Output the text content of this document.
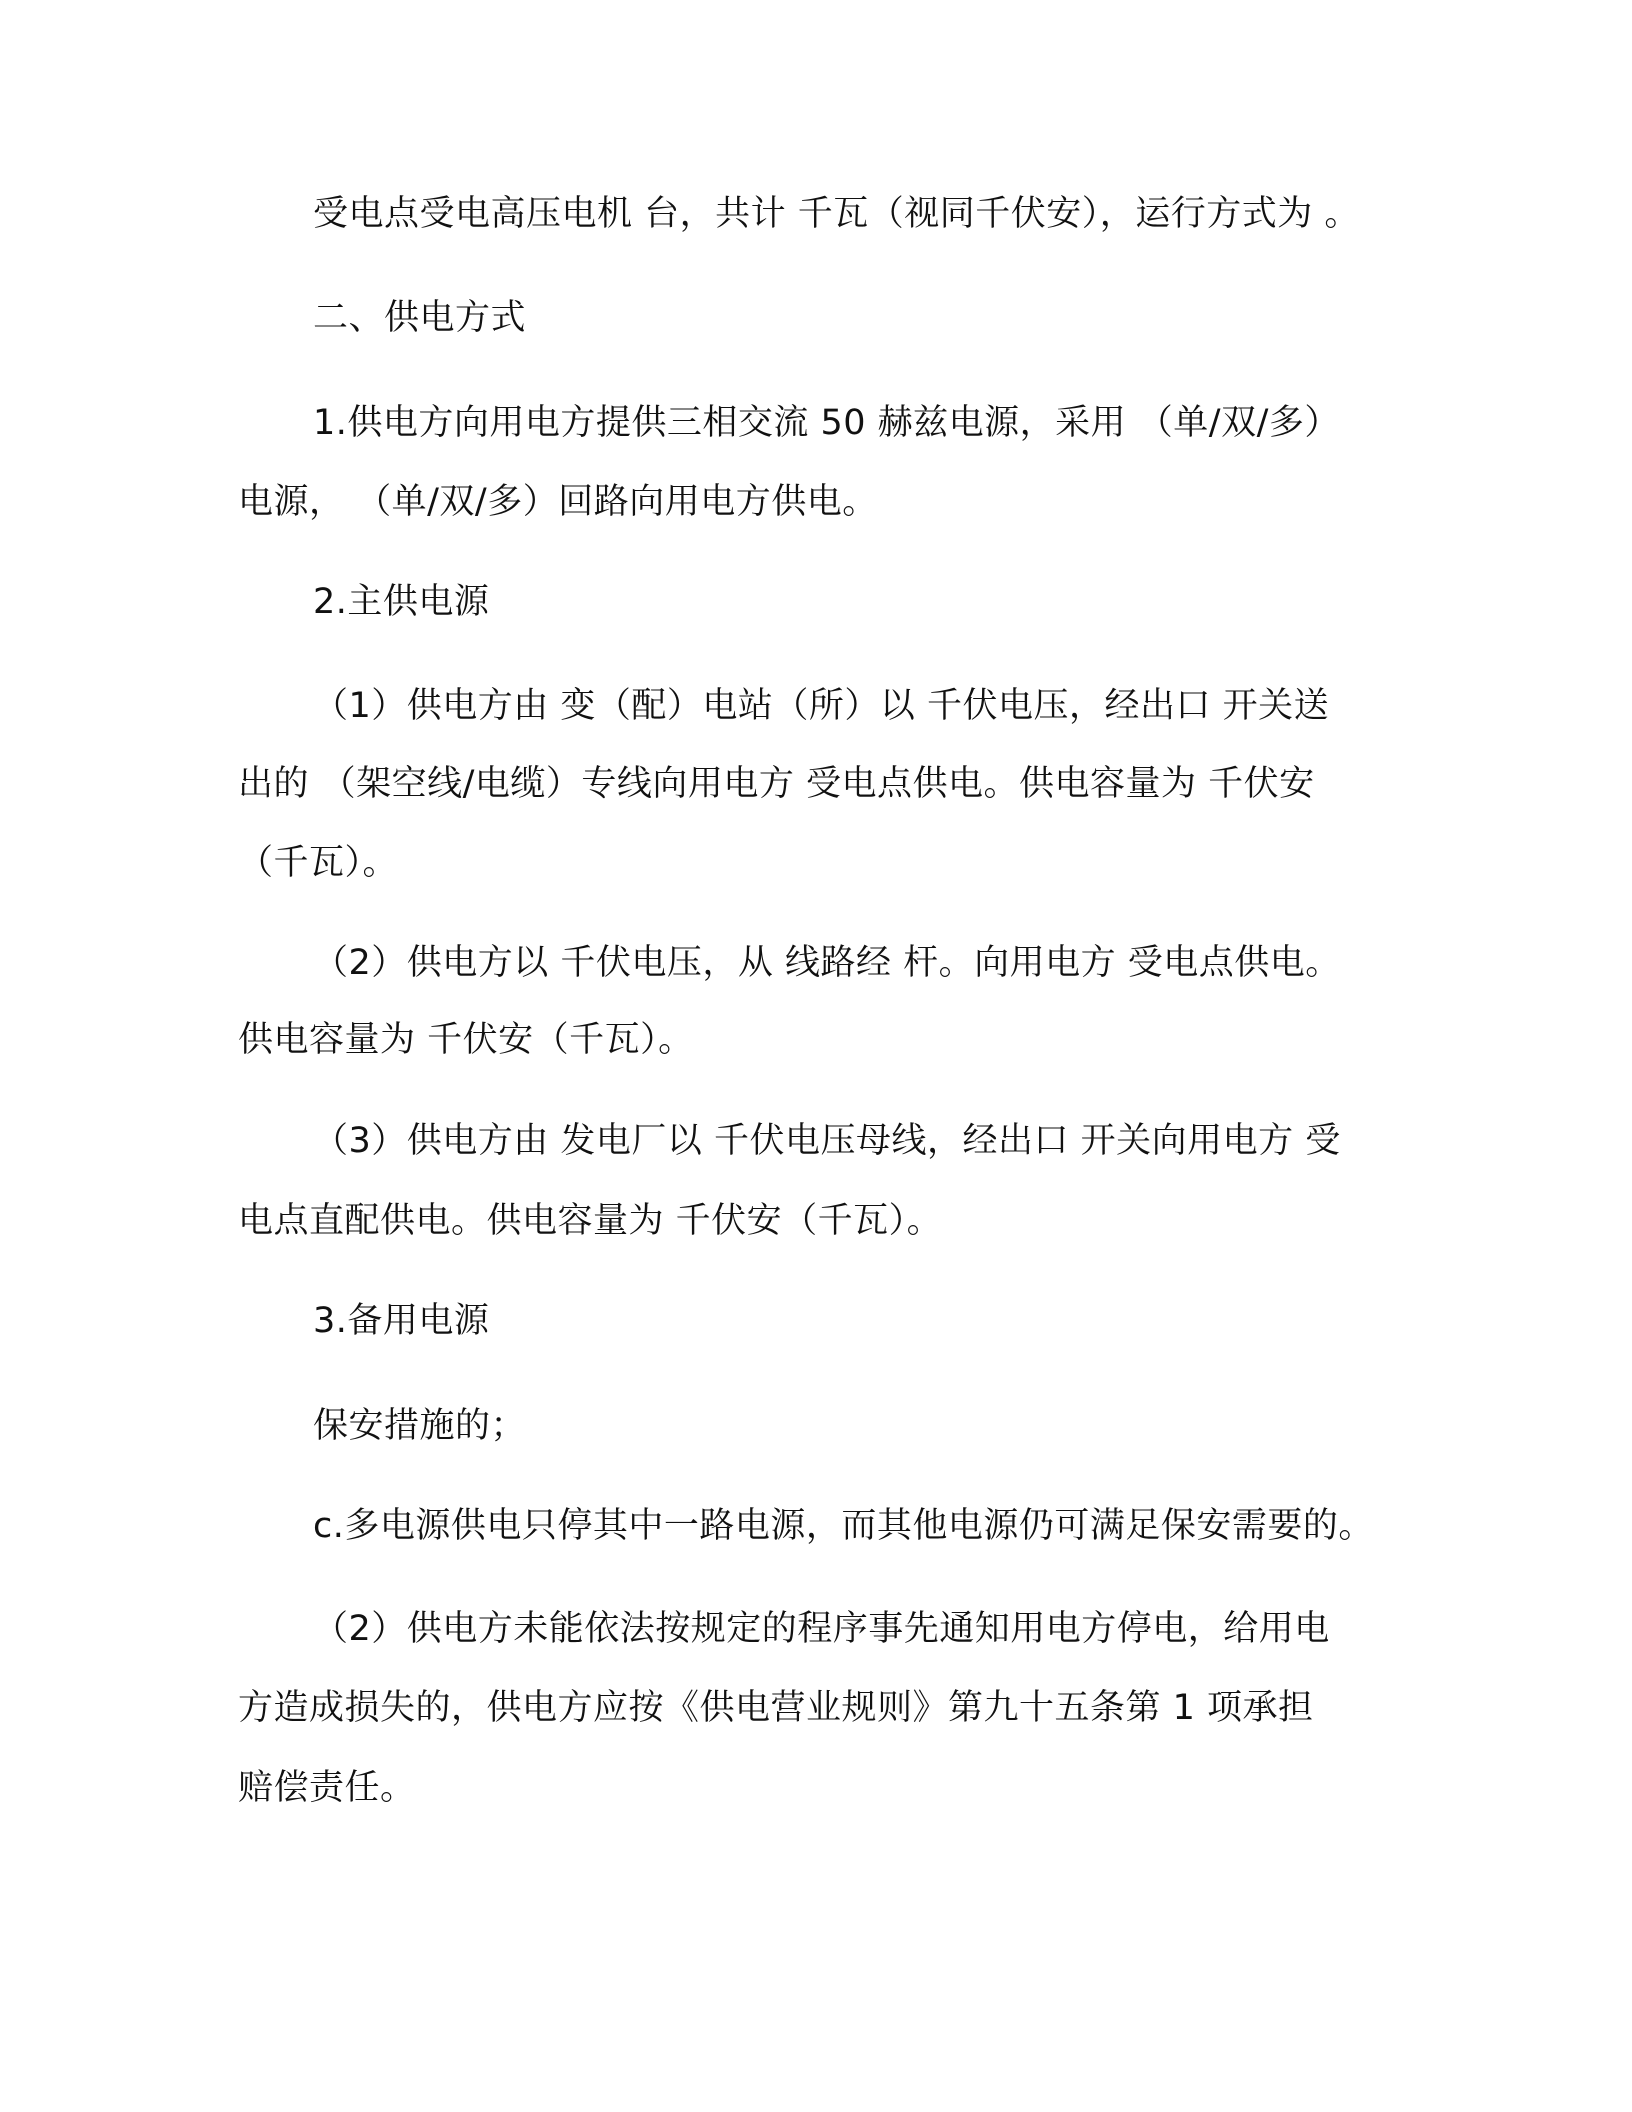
受电点受电高压电机 台，共计 千瓦（视同千伏安），运行方式为 。

二、供电方式

1.供电方向用电方提供三相交流 50 赫兹电源，采用 （单/双/多）

电源， （单/双/多）回路向用电方供电。

2.主供电源

（1）供电方由 变（配）电站（所）以 千伏电压，经出口 开关送

出的 （架空线/电缆）专线向用电方 受电点供电。供电容量为 千伏安

（千瓦）。

（2）供电方以 千伏电压，从 线路经 杆。向用电方 受电点供电。

供电容量为 千伏安（千瓦）。

（3）供电方由 发电厂以 千伏电压母线，经出口 开关向用电方 受

电点直配供电。供电容量为 千伏安（千瓦）。

3.备用电源

保安措施的；

c.多电源供电只停其中一路电源，而其他电源仍可满足保安需要的。

（2）供电方未能依法按规定的程序事先通知用电方停电，给用电

方造成损失的，供电方应按《供电营业规则》第九十五条第 1 项承担

赔偿责任。
